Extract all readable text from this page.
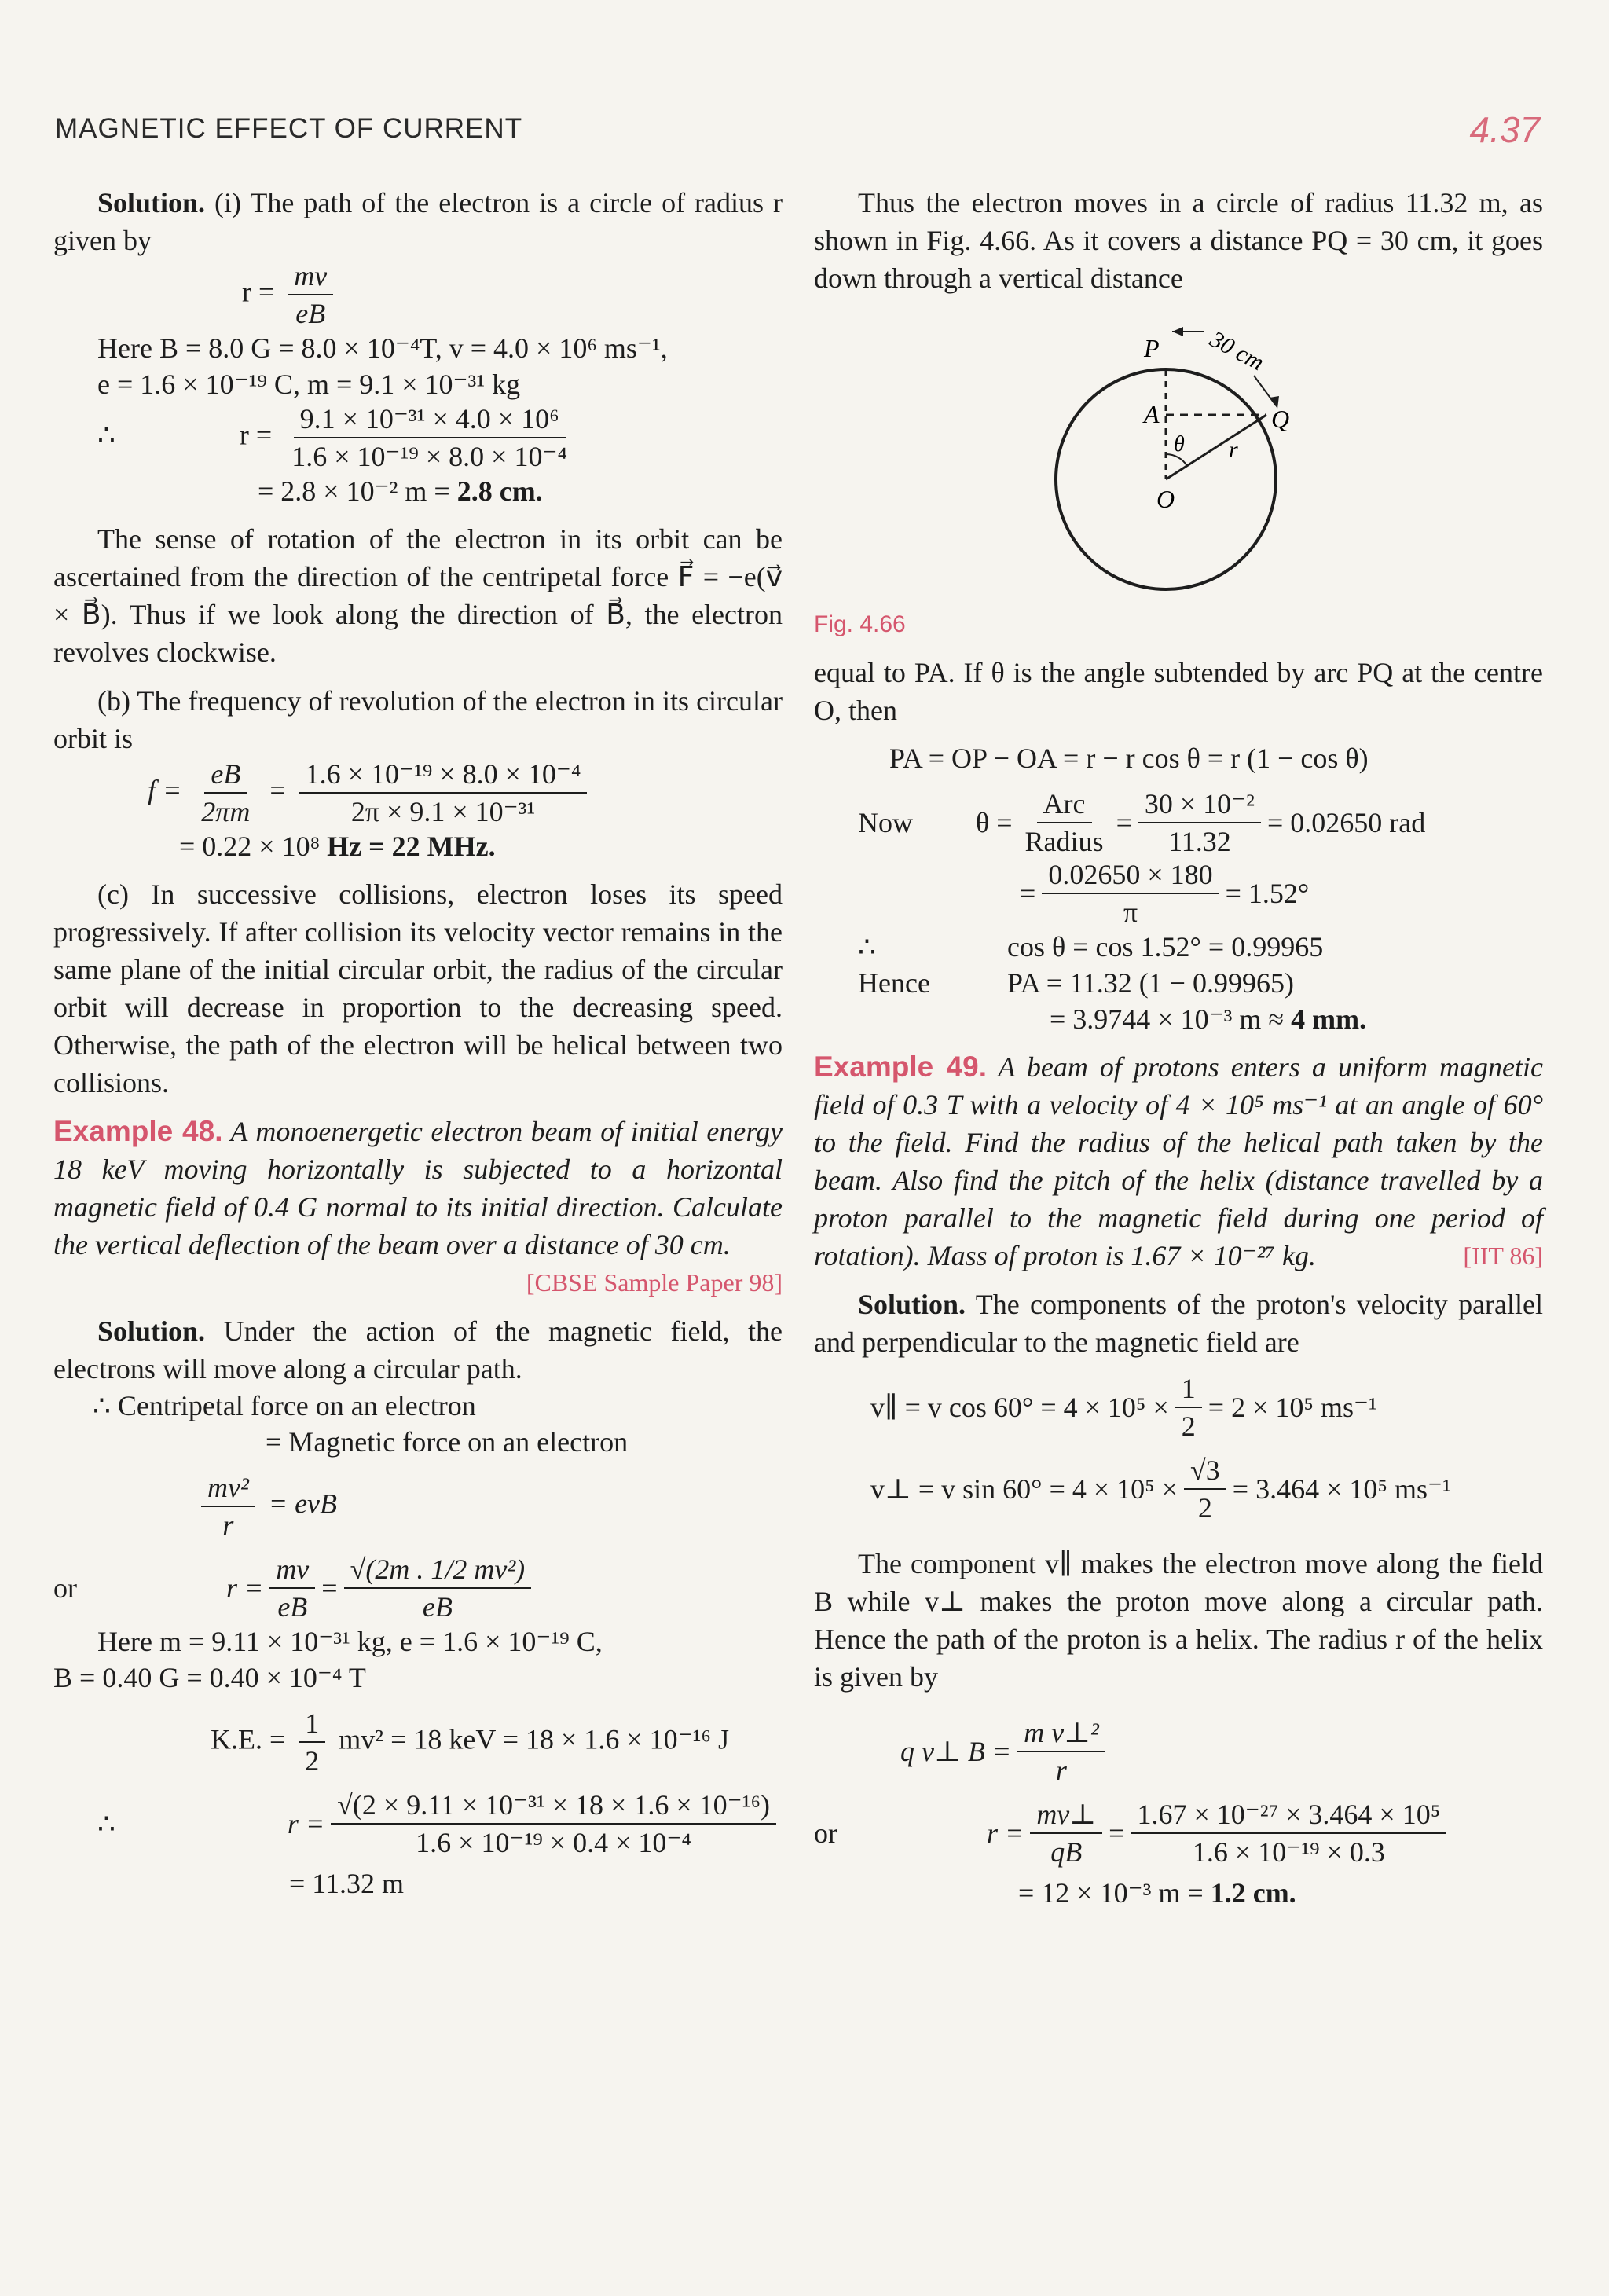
MAGNETIC EFFECT OF CURRENT	4.37

Solution. (i) The path of the electron is a circle of radius r given by

$r = \frac{mv}{eB}$
Here B = 8.0 G = 8.0 × 10⁻⁴T, v = 4.0 × 10⁶ ms⁻¹,
e = 1.6 × 10⁻¹⁹ C, m = 9.1 × 10⁻³¹ kg
∴	$r = \frac{\text{9.1 × 10⁻³¹ × 4.0 × 10⁶}}{\text{1.6 × 10⁻¹⁹ × 8.0 × 10⁻⁴}}$
= 2.8 × 10⁻² m = 2.8 cm.

The sense of rotation of the electron in its orbit can be ascertained from the direction of the centripetal force F⃗ = −e(v⃗ × B⃗). Thus if we look along the direction of B⃗, the electron revolves clockwise.

(b) The frequency of revolution of the electron in its circular orbit is

$f = \frac{eB}{2\pi m} = \frac{\text{1.6 × 10⁻¹⁹ × 8.0 × 10⁻⁴}}{\text{2π × 9.1 × 10⁻³¹}}$
= 0.22 × 10⁸ Hz = 22 MHz.

(c) In successive collisions, electron loses its speed progressively. If after collision its velocity vector remains in the same plane of the initial circular orbit, the radius of the circular orbit will decrease in proportion to the decreasing speed. Otherwise, the path of the electron will be helical between two collisions.

Example 48. A monoenergetic electron beam of initial energy 18 keV moving horizontally is subjected to a horizontal magnetic field of 0.4 G normal to its initial direction. Calculate the vertical deflection of the beam over a distance of 30 cm.
[CBSE Sample Paper 98]

Solution. Under the action of the magnetic field, the electrons will move along a circular path.

∴ Centripetal force on an electron
= Magnetic force on an electron
$\frac{\text{mv²}}{r}$ = evB
or	$r = \frac{mv}{eB} = \frac{\text{√(2m . 1/2 mv²)}}{eB}$
Here m = 9.11 × 10⁻³¹ kg, e = 1.6 × 10⁻¹⁹ C,
B = 0.40 G = 0.40 × 10⁻⁴ T
K.E. = $\frac{1}{2} mv^2 = 18$ keV = 18 × 1.6 × 10⁻¹⁶ J
∴	$r = \frac{\text{√(2 × 9.11 × 10⁻³¹ × 18 × 1.6 × 10⁻¹⁶)}}{\text{1.6 × 10⁻¹⁹ × 0.4 × 10⁻⁴}}$
= 11.32 m

Thus the electron moves in a circle of radius 11.32 m, as shown in Fig. 4.66. As it covers a distance PQ = 30 cm, it goes down through a vertical distance

P 30 cm
A	Q
θ r
O
Fig. 4.66

equal to PA. If θ is the angle subtended by arc PQ at the centre O, then

PA = OP − OA = r − r cos θ = r (1 − cos θ)
Now	$\theta = \frac{\text{Arc}}{\text{Radius}} = \frac{\text{30 × 10⁻²}}{11.32} = 0.02650$ rad
= $\frac{0.02650 \times 180}{\pi} = 1.52^\circ$
∴	cos θ = cos 1.52° = 0.99965
Hence	PA = 11.32 (1 − 0.99965)
= 3.9744 × 10⁻³ m ≈ 4 mm.

Example 49. A beam of protons enters a uniform magnetic field of 0.3 T with a velocity of 4 × 10⁵ ms⁻¹ at an angle of 60° to the field. Find the radius of the helical path taken by the beam. Also find the pitch of the helix (distance travelled by a proton parallel to the magnetic field during one period of rotation). Mass of proton is 1.67 × 10⁻²⁷ kg.	[IIT 86]

Solution. The components of the proton's velocity parallel and perpendicular to the magnetic field are

v∥ = v $\cos 60^\circ = 4 \times 10^5 \times \frac{1}{2} = 2 \times 10^5$ ms⁻¹
v⊥ = v $\sin 60^\circ = 4 \times 10^5 \times \frac{√3}{2} = 3.464 \times 10^5$ ms⁻¹

The component v∥ makes the electron move along the field B while v⊥ makes the proton move along a circular path. Hence the path of the proton is a helix. The radius r of the helix is given by

q v⊥ $B = \frac{\text{m v⊥²}}{r}$
or	$r = \frac{mv\perp}{qB} = \frac{\text{1.67 × 10⁻²⁷ × 3.464 × 10⁵}}{\text{1.6 × 10⁻¹⁹ × 0.3}}$
= 12 × 10⁻³ m = 1.2 cm.
